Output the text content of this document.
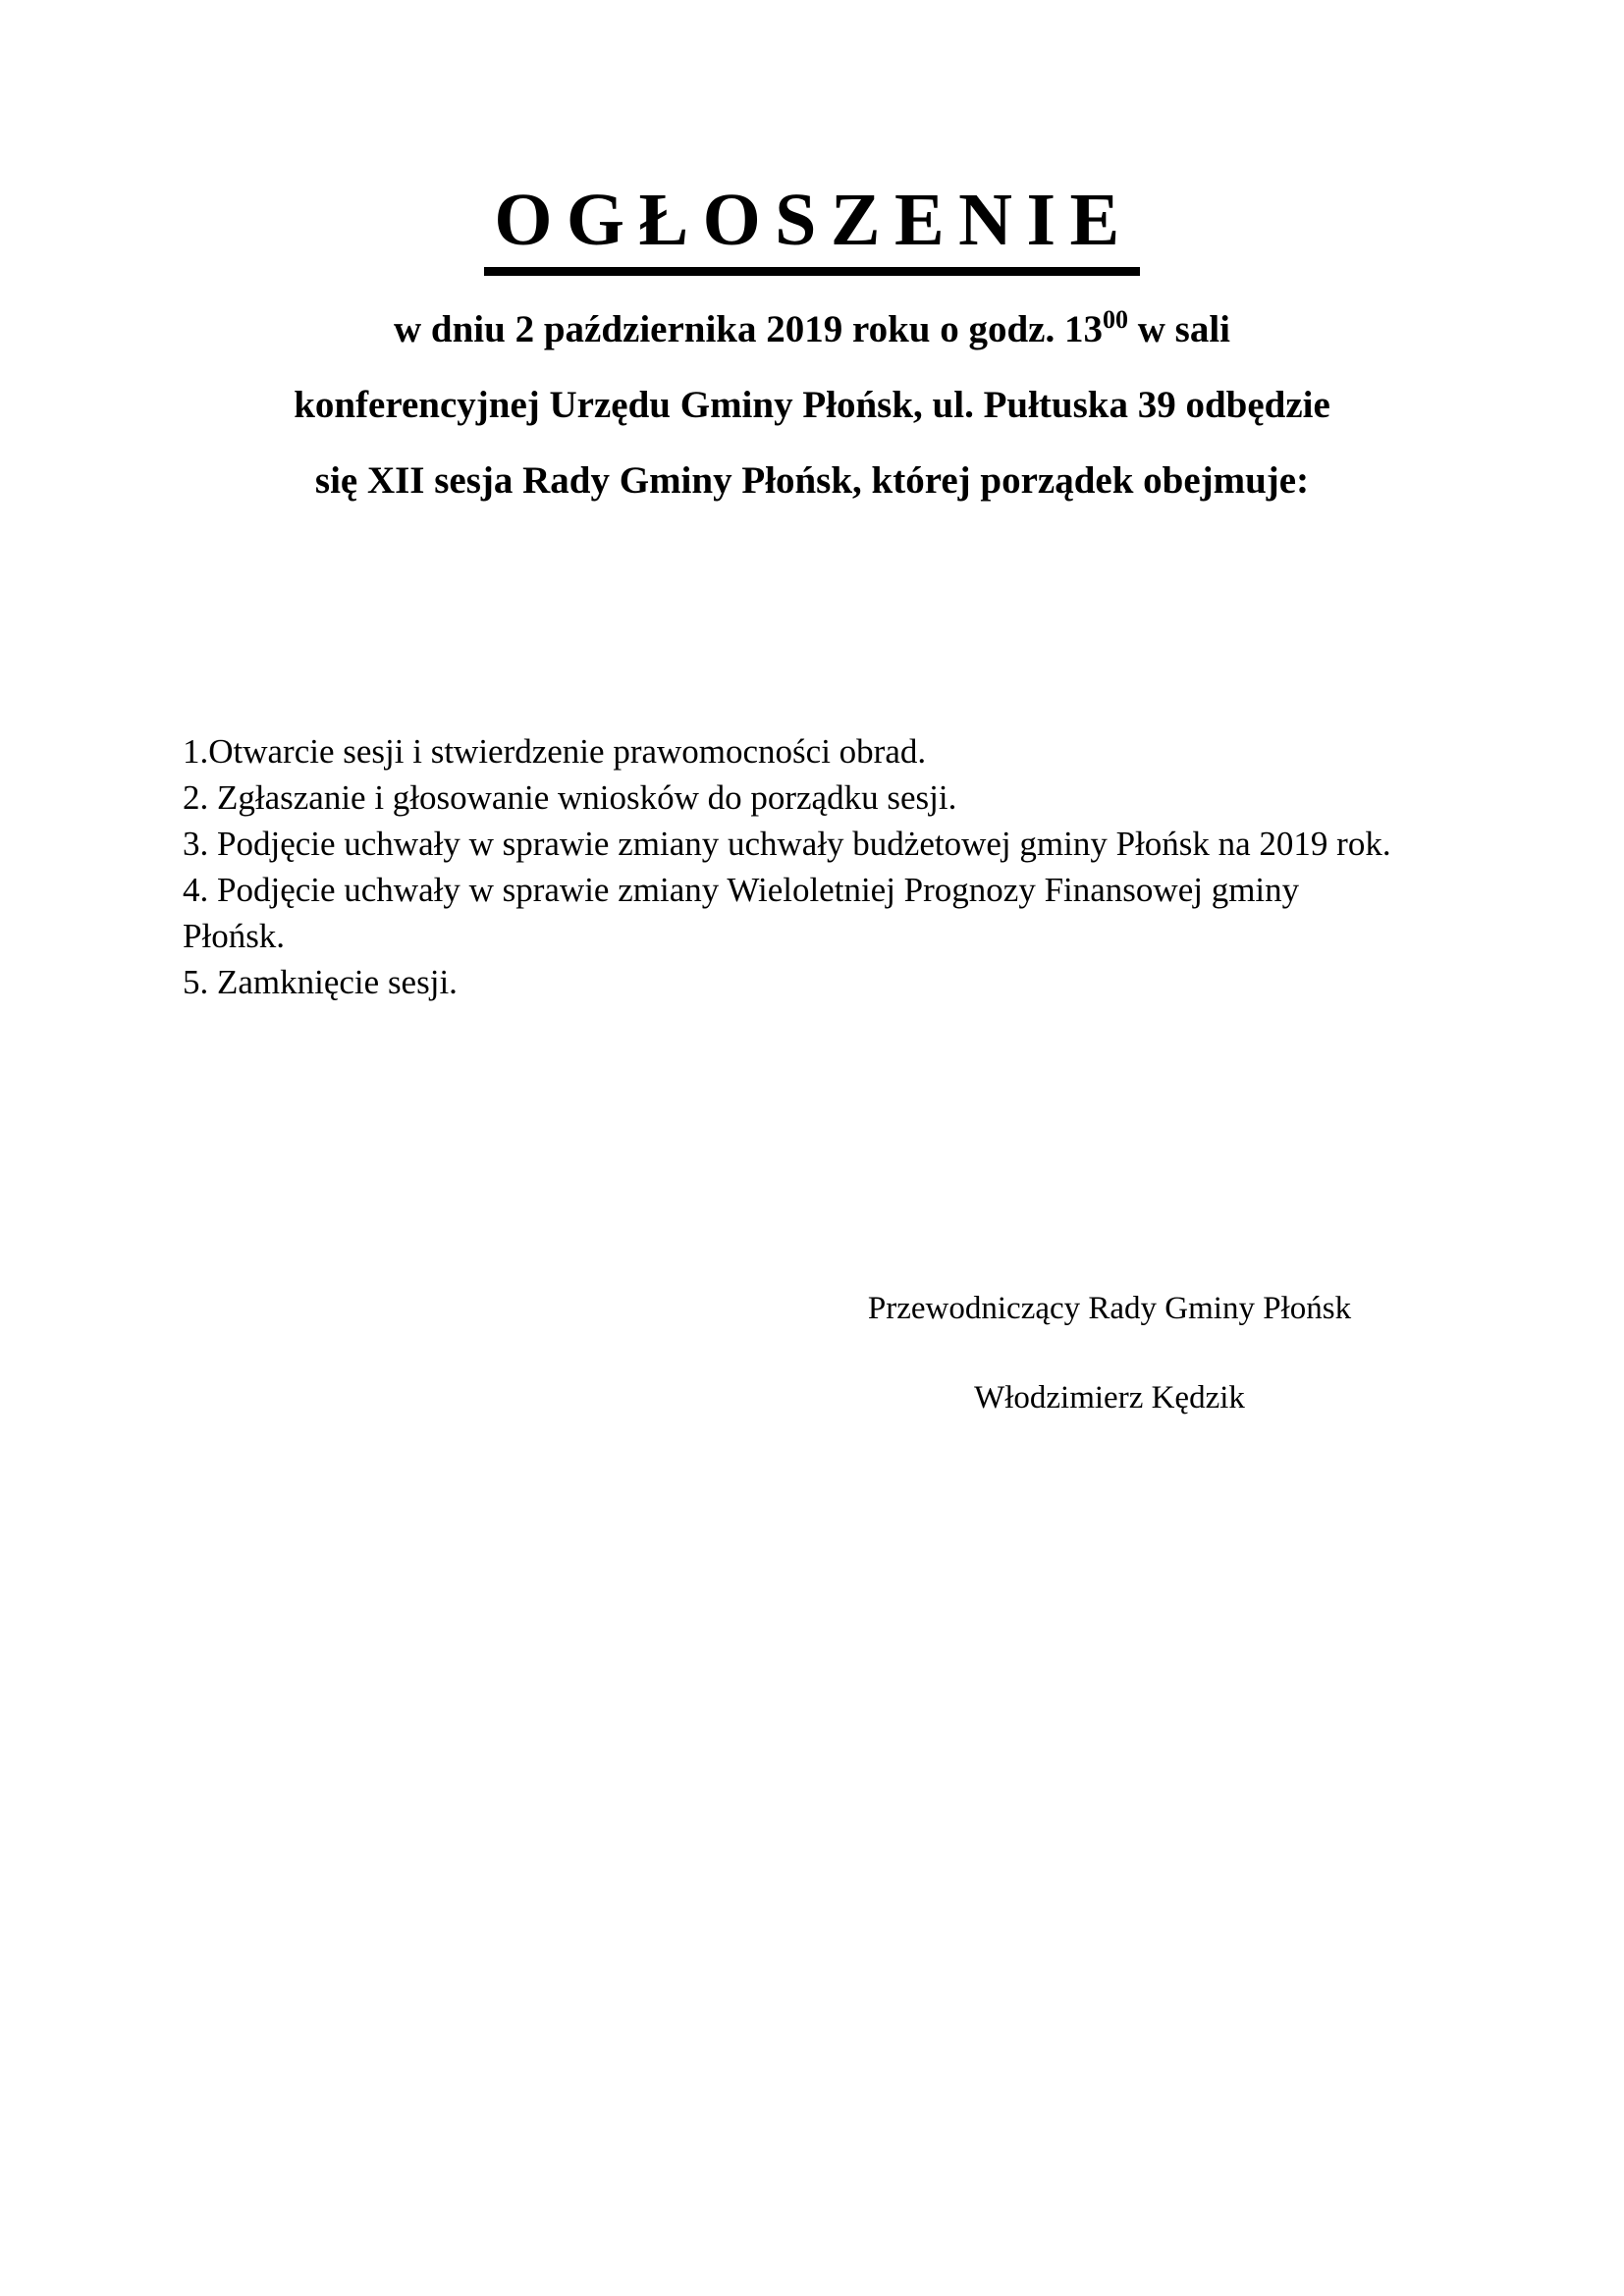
OGŁOSZENIE
w dniu 2 października 2019 roku o godz. $13^{00}$ w sali
konferencyjnej Urzędu Gminy Płońsk, ul. Pułtuska 39 odbędzie
się XII sesja Rady Gminy Płońsk, której porządek obejmuje:
1.Otwarcie sesji i stwierdzenie prawomocności obrad.
2. Zgłaszanie i głosowanie wniosków do porządku sesji.
3. Podjęcie uchwały w sprawie zmiany uchwały budżetowej gminy Płońsk na 2019 rok.
4. Podjęcie uchwały w sprawie zmiany Wieloletniej Prognozy Finansowej gminy Płońsk.
5. Zamknięcie sesji.
Przewodniczący Rady Gminy Płońsk
Włodzimierz Kędzik
